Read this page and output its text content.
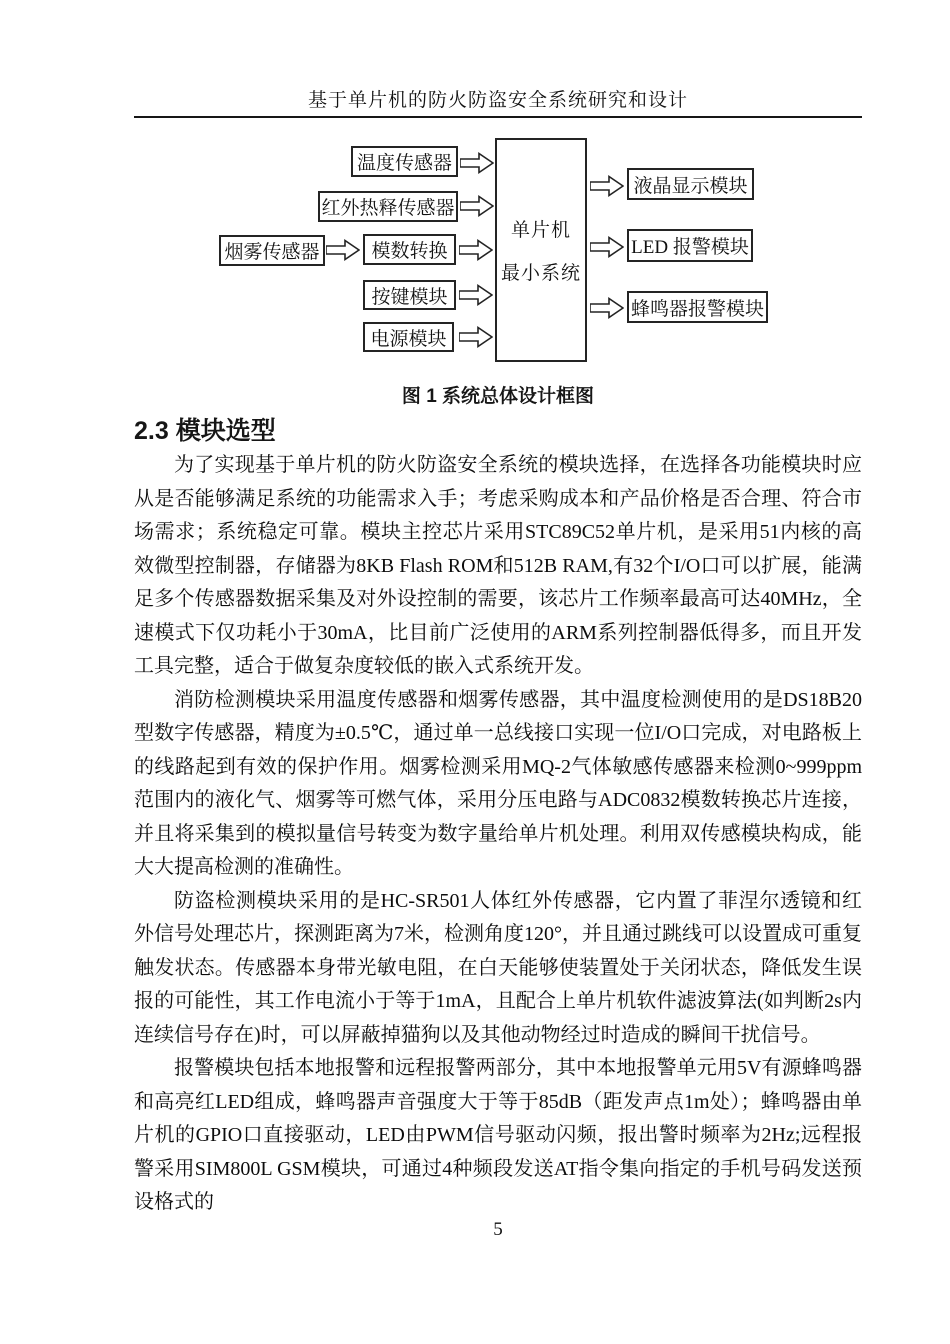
基于单片机的防火防盗安全系统研究和设计
温度传感器
红外热释传感器
烟雾传感器	模数转换
按键模块
电源模块
单片机
最小系统
液晶显示模块
LED 报警模块
蜂鸣器报警模块
图 1 系统总体设计框图
2.3 模块选型

为了实现基于单片机的防火防盗安全系统的模块选择，在选择各功能模块时应从是否能够满足系统的功能需求入手；考虑采购成本和产品价格是否合理、符合市场需求；系统稳定可靠。模块主控芯片采用STC89C52单片机，是采用51内核的高效微型控制器，存储器为8KB Flash ROM和512B RAM,有32个I/O口可以扩展，能满足多个传感器数据采集及对外设控制的需要，该芯片工作频率最高可达40MHz，全速模式下仅功耗小于30mA，比目前广泛使用的ARM系列控制器低得多，而且开发工具完整，适合于做复杂度较低的嵌入式系统开发。

消防检测模块采用温度传感器和烟雾传感器，其中温度检测使用的是DS18B20型数字传感器，精度为±0.5℃，通过单一总线接口实现一位I/O口完成，对电路板上的线路起到有效的保护作用。烟雾检测采用MQ-2气体敏感传感器来检测0~999ppm范围内的液化气、烟雾等可燃气体，采用分压电路与ADC0832模数转换芯片连接，并且将采集到的模拟量信号转变为数字量给单片机处理。利用双传感模块构成，能大大提高检测的准确性。

防盗检测模块采用的是HC-SR501人体红外传感器，它内置了菲涅尔透镜和红外信号处理芯片，探测距离为7米，检测角度120°，并且通过跳线可以设置成可重复触发状态。传感器本身带光敏电阻，在白天能够使装置处于关闭状态，降低发生误报的可能性，其工作电流小于等于1mA，且配合上单片机软件滤波算法(如判断2s内连续信号存在)时，可以屏蔽掉猫狗以及其他动物经过时造成的瞬间干扰信号。

报警模块包括本地报警和远程报警两部分，其中本地报警单元用5V有源蜂鸣器和高亮红LED组成，蜂鸣器声音强度大于等于85dB（距发声点1m处）；蜂鸣器由单片机的GPIO口直接驱动，LED由PWM信号驱动闪频，报出警时频率为2Hz;远程报警采用SIM800L GSM模块，可通过4种频段发送AT指令集向指定的手机号码发送预设格式的

5
